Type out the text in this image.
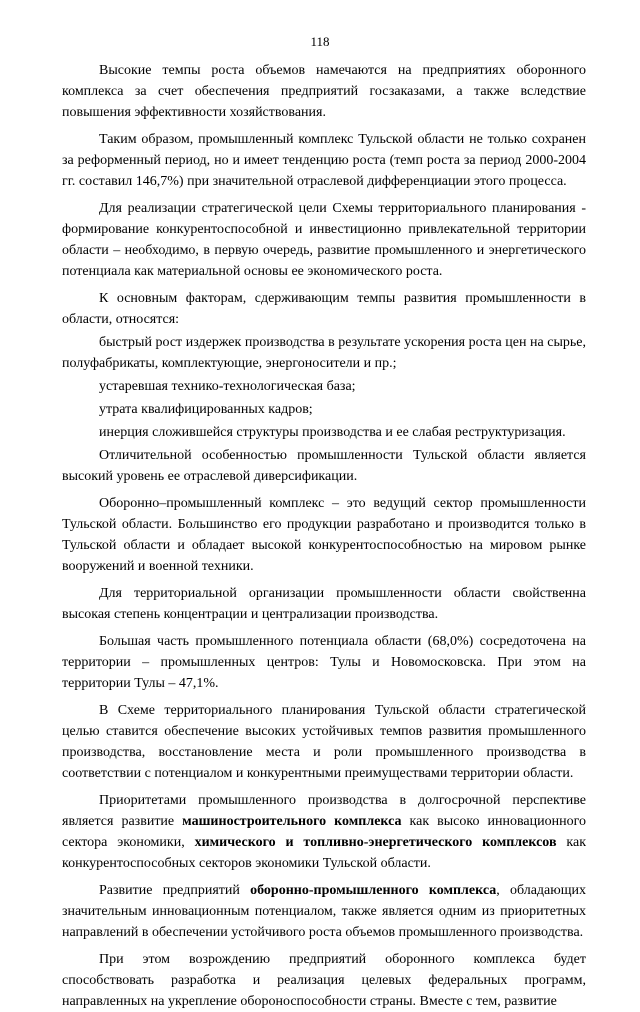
118

Высокие темпы роста объемов намечаются на предприятиях оборонного комплекса за счет обеспечения предприятий госзаказами, а также вследствие повышения эффективности хозяйствования.

Таким образом, промышленный комплекс Тульской области не только сохранен за реформенный период, но и имеет тенденцию роста (темп роста за период 2000-2004 гг. составил 146,7%) при значительной отраслевой дифференциации этого процесса.

Для реализации стратегической цели Схемы территориального планирования - формирование конкурентоспособной и инвестиционно привлекательной территории области – необходимо, в первую очередь, развитие промышленного и энергетического потенциала как материальной основы ее экономического роста.

К основным факторам, сдерживающим темпы развития промышленности в области, относятся:

быстрый рост издержек производства в результате ускорения роста цен на сырье, полуфабрикаты, комплектующие, энергоносители и пр.;

устаревшая технико-технологическая база;

утрата квалифицированных кадров;

инерция сложившейся структуры производства и ее слабая реструктуризация.

Отличительной особенностью промышленности Тульской области является высокий уровень ее отраслевой диверсификации.

Оборонно–промышленный комплекс – это ведущий сектор промышленности Тульской области. Большинство его продукции разработано и производится только в Тульской области и обладает высокой конкурентоспособностью на мировом рынке вооружений и военной техники.

Для территориальной организации промышленности области свойственна высокая степень концентрации и централизации производства.

Большая часть промышленного потенциала области (68,0%) сосредоточена на территории – промышленных центров: Тулы и Новомосковска. При этом на территории Тулы – 47,1%.

В Схеме территориального планирования Тульской области стратегической целью ставится обеспечение высоких устойчивых темпов развития промышленного производства, восстановление места и роли промышленного производства в соответствии с потенциалом и конкурентными преимуществами территории области.

Приоритетами промышленного производства в долгосрочной перспективе является развитие машиностроительного комплекса как высоко инновационного сектора экономики, химического и топливно-энергетического комплексов как конкурентоспособных секторов экономики Тульской области.

Развитие предприятий оборонно-промышленного комплекса, обладающих значительным инновационным потенциалом, также является одним из приоритетных направлений в обеспечении устойчивого роста объемов промышленного производства.

При этом возрождению предприятий оборонного комплекса будет способствовать разработка и реализация целевых федеральных программ, направленных на укрепление обороноспособности страны. Вместе с тем, развитие
